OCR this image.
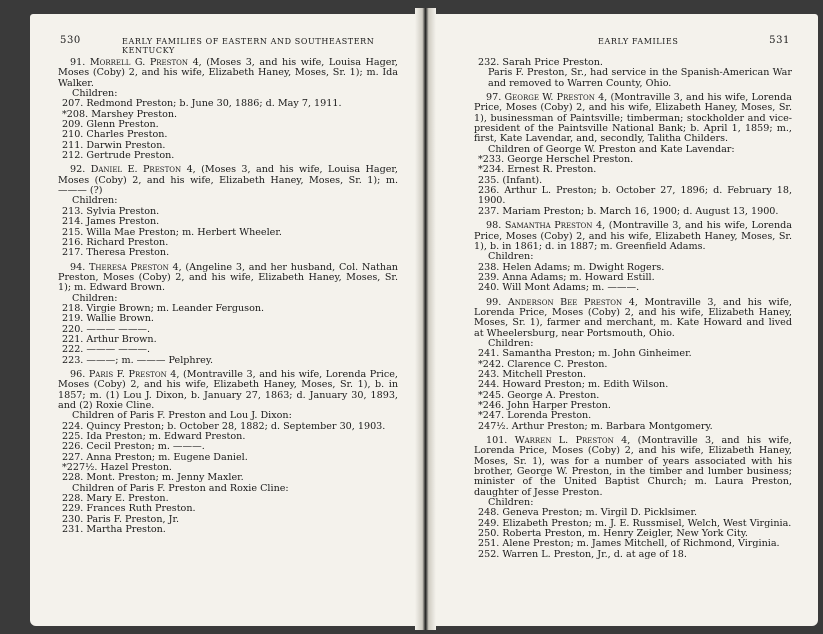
530	EARLY FAMILIES OF EASTERN AND SOUTHEASTERN KENTUCKY

91. Morrell G. Preston 4, (Moses 3, and his wife, Louisa Hager, Moses (Coby) 2, and his wife, Elizabeth Haney, Moses, Sr. 1); m. Ida Walker.

Children:

207. Redmond Preston; b. June 30, 1886; d. May 7, 1911.

*208. Marshey Preston.

209. Glenn Preston.

210. Charles Preston.

211. Darwin Preston.

212. Gertrude Preston.

92. Daniel E. Preston 4, (Moses 3, and his wife, Louisa Hager, Moses (Coby) 2, and his wife, Elizabeth Haney, Moses, Sr. 1); m. ——— (?)

Children:

213. Sylvia Preston.

214. James Preston.

215. Willa Mae Preston; m. Herbert Wheeler.

216. Richard Preston.

217. Theresa Preston.

94. Theresa Preston 4, (Angeline 3, and her husband, Col. Nathan Preston, Moses (Coby) 2, and his wife, Elizabeth Haney, Moses, Sr. 1); m. Edward Brown.

Children:

218. Virgie Brown; m. Leander Ferguson.

219. Wallie Brown.

220. ——— ———.

221. Arthur Brown.

222. ——— ———.

223. ———; m. ——— Pelphrey.

96. Paris F. Preston 4, (Montraville 3, and his wife, Lorenda Price, Moses (Coby) 2, and his wife, Elizabeth Haney, Moses, Sr. 1), b. in 1857; m. (1) Lou J. Dixon, b. January 27, 1863; d. January 30, 1893, and (2) Roxie Cline.

Children of Paris F. Preston and Lou J. Dixon:

224. Quincy Preston; b. October 28, 1882; d. September 30, 1903.

225. Ida Preston; m. Edward Preston.

226. Cecil Preston; m. ———.

227. Anna Preston; m. Eugene Daniel.

*227½. Hazel Preston.

228. Mont. Preston; m. Jenny Maxler.

Children of Paris F. Preston and Roxie Cline:

228. Mary E. Preston.

229. Frances Ruth Preston.

230. Paris F. Preston, Jr.

231. Martha Preston.

EARLY FAMILIES	531

232. Sarah Price Preston.

Paris F. Preston, Sr., had service in the Spanish-American War and removed to Warren County, Ohio.

97. George W. Preston 4, (Montraville 3, and his wife, Lorenda Price, Moses (Coby) 2, and his wife, Elizabeth Haney, Moses, Sr. 1), businessman of Paintsville; timberman; stockholder and vice-president of the Paintsville National Bank; b. April 1, 1859; m., first, Kate Lavendar, and, secondly, Talitha Childers.

Children of George W. Preston and Kate Lavendar:

*233. George Herschel Preston.

*234. Ernest R. Preston.

235. (Infant).

236. Arthur L. Preston; b. October 27, 1896; d. February 18, 1900.

237. Mariam Preston; b. March 16, 1900; d. August 13, 1900.

98. Samantha Preston 4, (Montraville 3, and his wife, Lorenda Price, Moses (Coby) 2, and his wife, Elizabeth Haney, Moses, Sr. 1), b. in 1861; d. in 1887; m. Greenfield Adams.

Children:

238. Helen Adams; m. Dwight Rogers.

239. Anna Adams; m. Howard Estill.

240. Will Mont Adams; m. ———.

99. Anderson Bee Preston 4, Montraville 3, and his wife, Lorenda Price, Moses (Coby) 2, and his wife, Elizabeth Haney, Moses, Sr. 1), farmer and merchant, m. Kate Howard and lived at Wheelersburg, near Portsmouth, Ohio.

Children:

241. Samantha Preston; m. John Ginheimer.

*242. Clarence C. Preston.

243. Mitchell Preston.

244. Howard Preston; m. Edith Wilson.

*245. George A. Preston.

*246. John Harper Preston.

*247. Lorenda Preston.

247½. Arthur Preston; m. Barbara Montgomery.

101. Warren L. Preston 4, (Montraville 3, and his wife, Lorenda Price, Moses (Coby) 2, and his wife, Elizabeth Haney, Moses, Sr. 1), was for a number of years associated with his brother, George W. Preston, in the timber and lumber business; minister of the United Baptist Church; m. Laura Preston, daughter of Jesse Preston.

Children:

248. Geneva Preston; m. Virgil D. Picklsimer.

249. Elizabeth Preston; m. J. E. Russmisel, Welch, West Virginia.

250. Roberta Preston, m. Henry Zeigler, New York City.

251. Alene Preston; m. James Mitchell, of Richmond, Virginia.

252. Warren L. Preston, Jr., d. at age of 18.
